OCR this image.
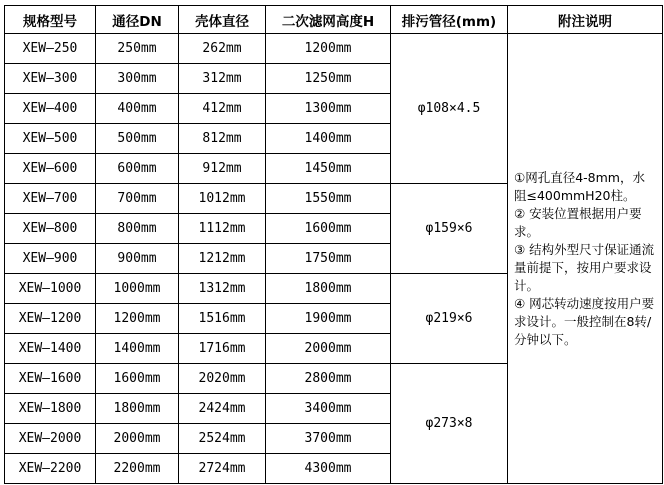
规格型号	通径DN	壳体直径	二次滤网高度H	排污管径(mm)	附注说明
XEW—250	250mm	262mm	1200mm	φ108×4.5	①网孔直径4-8mm，水阻≤400mmH20柱。

② 安装位置根据用户要求。

③ 结构外型尺寸保证通流量前提下，按用户要求设计。

④ 网芯转动速度按用户要求设计。一般控制在8转/分钟以下。

XEW—300	300mm	312mm	1250mm		
XEW—400	400mm	412mm	1300mm		
XEW—500	500mm	812mm	1400mm		
XEW—600	600mm	912mm	1450mm		
XEW—700	700mm	1012mm	1550mm	φ159×6	
XEW—800	800mm	1112mm	1600mm		
XEW—900	900mm	1212mm	1750mm		
XEW—1000	1000mm	1312mm	1800mm	φ219×6	
XEW—1200	1200mm	1516mm	1900mm		
XEW—1400	1400mm	1716mm	2000mm		
XEW—1600	1600mm	2020mm	2800mm	φ273×8	
XEW—1800	1800mm	2424mm	3400mm		
XEW—2000	2000mm	2524mm	3700mm		
XEW—2200	2200mm	2724mm	4300mm		
